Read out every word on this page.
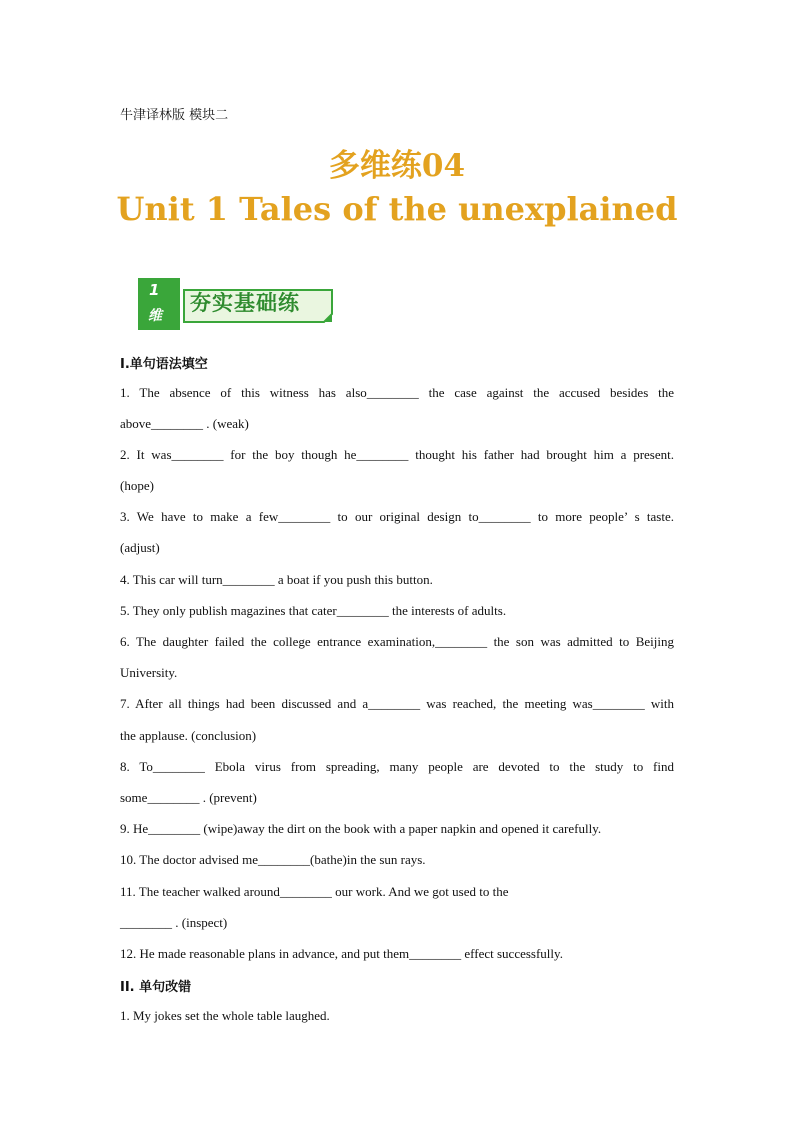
牛津译林版 模块二
多维练04
Unit 1 Tales of the unexplained
1
维
夯实基础练
I.单句语法填空
1. The absence of this witness has also________ the case against the accused besides the
above________ . (weak)
2. It was________ for the boy though he________ thought his father had brought him a present.
(hope)
3. We have to make a few________ to our original design to________ to more people’ s taste.
(adjust)
4. This car will turn________ a boat if you push this button.
5. They only publish magazines that cater________ the interests of adults.
6. The daughter failed the college entrance examination,________ the son was admitted to Beijing
University.
7. After all things had been discussed and a________ was reached, the meeting was________ with
the applause. (conclusion)
8. To________ Ebola virus from spreading, many people are devoted to the study to find
some________ . (prevent)
9. He________ (wipe)away the dirt on the book with a paper napkin and opened it carefully.
10. The doctor advised me________(bathe)in the sun rays.
11. The teacher walked around________ our work. And we got used to the
________ . (inspect)
12. He made reasonable plans in advance, and put them________ effect successfully.
II. 单句改错
1. My jokes set the whole table laughed.
